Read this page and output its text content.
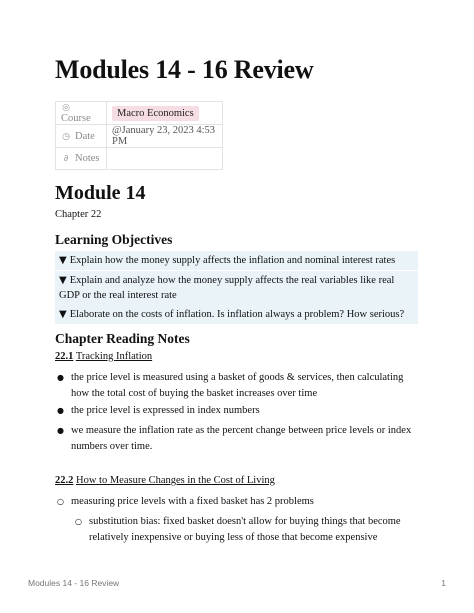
Modules 14 - 16 Review
◎Course	Macro Economics
◷ Date	@January 23, 2023 4:53 PM
∂ Notes	
Module 14
Chapter 22
Learning Objectives
▼ Explain how the money supply affects the inflation and nominal interest rates
▼ Explain and analyze how the money supply affects the real variables like real GDP or the real interest rate
▼ Elaborate on the costs of inflation. Is inflation always a problem? How serious?
Chapter Reading Notes
22.1 Tracking Inflation
● the price level is measured using a basket of goods & services, then calculating how the total cost of buying the basket increases over time
● the price level is expressed in index numbers
● we measure the inflation rate as the percent change between price levels or index numbers over time.
22.2 How to Measure Changes in the Cost of Living
○ measuring price levels with a fixed basket has 2 problems
○ substitution bias: fixed basket doesn't allow for buying things that become relatively inexpensive or buying less of those that become expensive
Modules 14 - 16 Review	1
